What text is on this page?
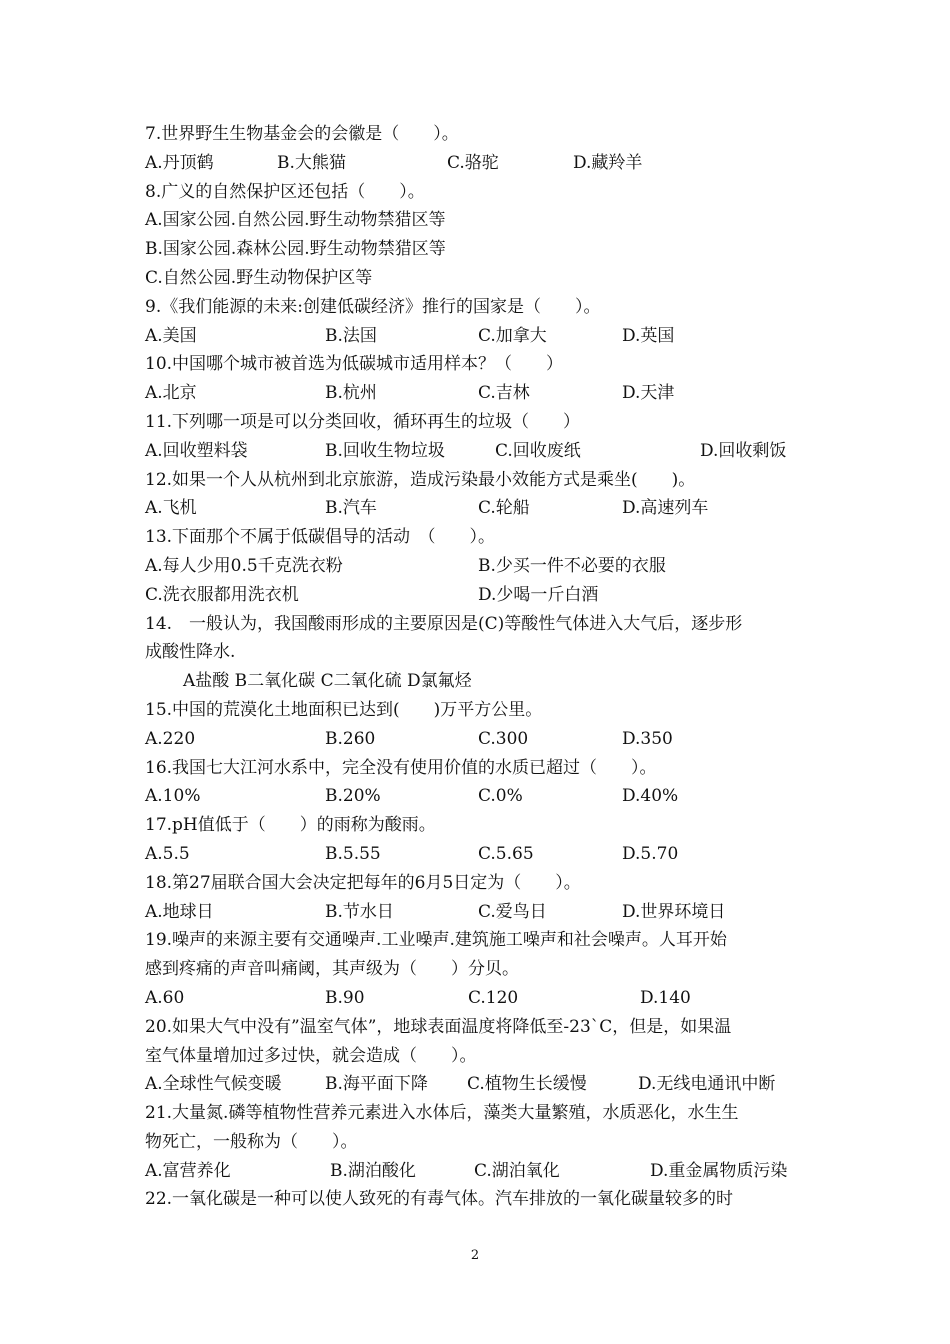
7.世界野生生物基金会的会徽是（　　）。
A.丹顶鹤	B.大熊猫	C.骆驼	D.藏羚羊
8.广义的自然保护区还包括（　　）。
A.国家公园.自然公园.野生动物禁猎区等
B.国家公园.森林公园.野生动物禁猎区等
C.自然公园.野生动物保护区等
9.《我们能源的未来:创建低碳经济》推行的国家是（　　）。
A.美国	B.法国	C.加拿大	D.英国
10.中国哪个城市被首选为低碳城市适用样本？（　　）
A.北京	B.杭州	C.吉林	D.天津
11.下列哪一项是可以分类回收，循环再生的垃圾（　　）
A.回收塑料袋	B.回收生物垃圾	C.回收废纸	D.回收剩饭
12.如果一个人从杭州到北京旅游，造成污染最小效能方式是乘坐(　　)。
A.飞机	B.汽车	C.轮船	D.高速列车
13.下面那个不属于低碳倡导的活动　（　　）。
A.每人少用0.5千克洗衣粉	B.少买一件不必要的衣服
C.洗衣服都用洗衣机	D.少喝一斤白酒
14.　一般认为，我国酸雨形成的主要原因是(C)等酸性气体进入大气后，逐步形
成酸性降水.
A盐酸 B二氧化碳 C二氧化硫 D氯氟烃
15.中国的荒漠化土地面积已达到(　　)万平方公里。
A.220	B.260	C.300	D.350
16.我国七大江河水系中，完全没有使用价值的水质已超过（　　）。
A.10%	B.20%	C.0%	D.40%
17.pH值低于（　　）的雨称为酸雨。
A.5.5	B.5.55	C.5.65	D.5.70
18.第27届联合国大会决定把每年的6月5日定为（　　）。
A.地球日	B.节水日	C.爱鸟日	D.世界环境日
19.噪声的来源主要有交通噪声.工业噪声.建筑施工噪声和社会噪声。人耳开始
感到疼痛的声音叫痛阈，其声级为（　　）分贝。
A.60	B.90	C.120	D.140
20.如果大气中没有”温室气体”，地球表面温度将降低至-23`C，但是，如果温
室气体量增加过多过快，就会造成（　　）。
A.全球性气候变暖	B.海平面下降 C.植物生长缓慢	D.无线电通讯中断
21.大量氮.磷等植物性营养元素进入水体后，藻类大量繁殖，水质恶化，水生生
物死亡，一般称为（　　）。
A.富营养化	B.湖泊酸化	C.湖泊氧化	D.重金属物质污染
22.一氧化碳是一种可以使人致死的有毒气体。汽车排放的一氧化碳量较多的时
2
